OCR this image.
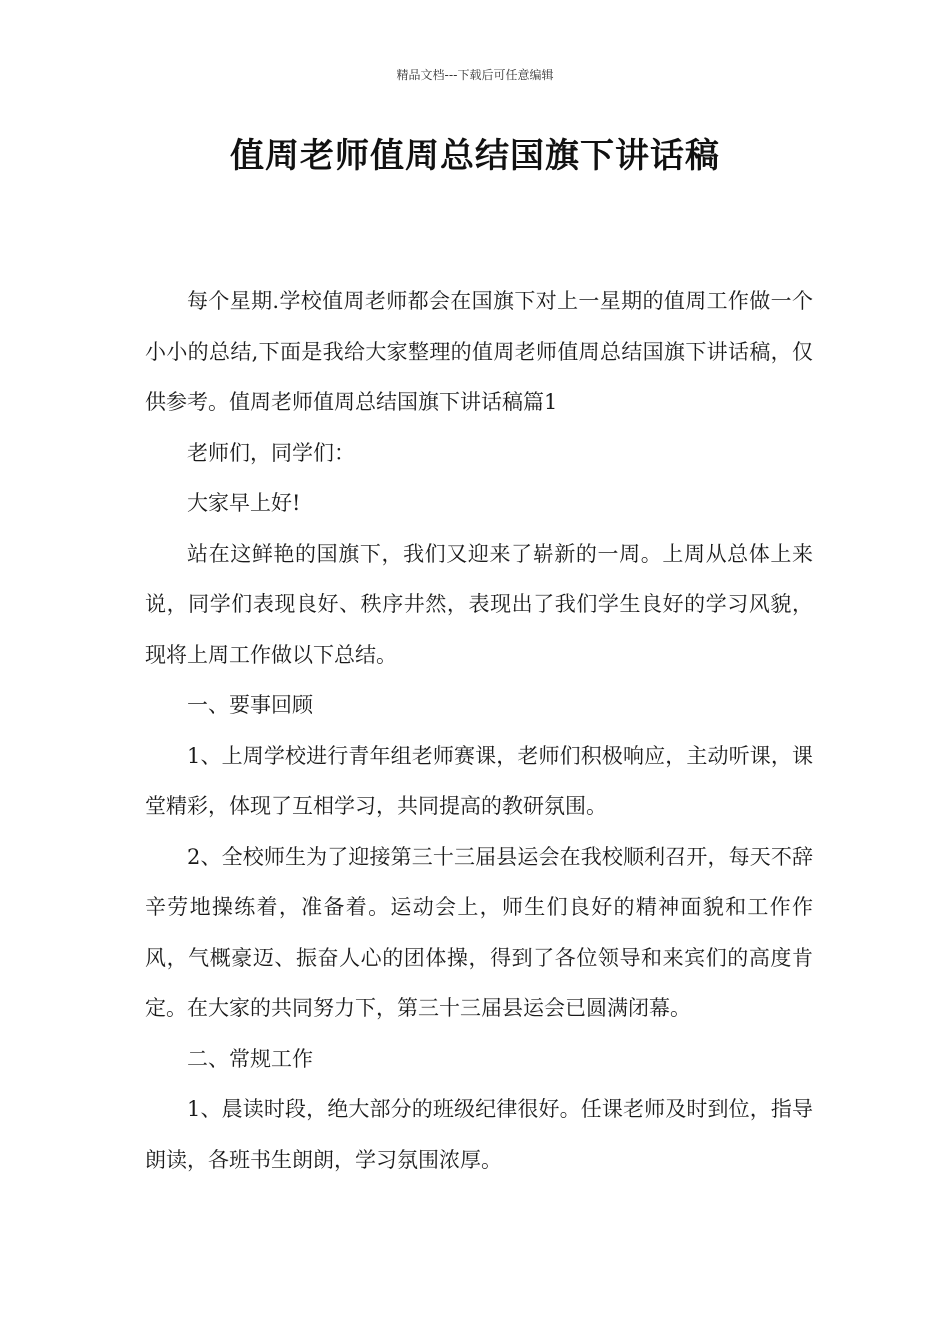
精品文档---下载后可任意编辑
值周老师值周总结国旗下讲话稿

每个星期.学校值周老师都会在国旗下对上一星期的值周工作做一个小小的总结,下面是我给大家整理的值周老师值周总结国旗下讲话稿，仅供参考。值周老师值周总结国旗下讲话稿篇1

老师们，同学们：

大家早上好!

站在这鲜艳的国旗下，我们又迎来了崭新的一周。上周从总体上来说，同学们表现良好、秩序井然，表现出了我们学生良好的学习风貌，现将上周工作做以下总结。

一、要事回顾

1、上周学校进行青年组老师赛课，老师们积极响应，主动听课，课堂精彩，体现了互相学习，共同提高的教研氛围。

2、全校师生为了迎接第三十三届县运会在我校顺利召开，每天不辞辛劳地操练着，准备着。运动会上，师生们良好的精神面貌和工作作风，气概豪迈、振奋人心的团体操，得到了各位领导和来宾们的高度肯定。在大家的共同努力下，第三十三届县运会已圆满闭幕。

二、常规工作

1、晨读时段，绝大部分的班级纪律很好。任课老师及时到位，指导朗读，各班书生朗朗，学习氛围浓厚。
